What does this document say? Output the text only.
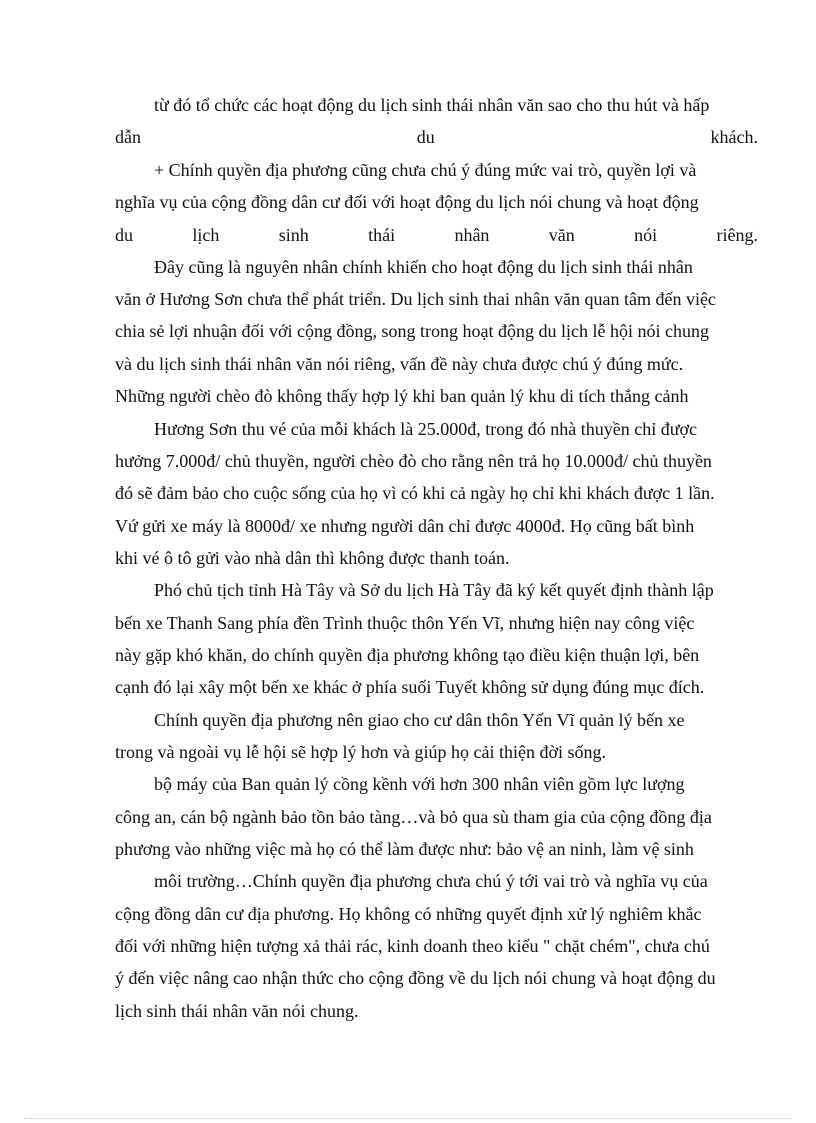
từ đó tổ chức các hoạt động du lịch sinh thái nhân văn sao cho thu hút và hấp

dẫn du khách.

+ Chính quyền địa phương cũng chưa chú ý đúng mức vai trò, quyền lợi và

nghĩa vụ của cộng đồng dân cư đối với hoạt động du lịch nói chung và hoạt động

du lịch sinh thái nhân văn nói riêng.

Đây cũng là nguyên nhân chính khiến cho hoạt động du lịch sinh thái nhân

văn ở Hương Sơn chưa thể phát triển. Du lịch sinh thai nhân văn quan tâm đến việc

chia sẻ lợi nhuận đối với cộng đồng, song trong hoạt động du lịch lễ hội nói chung

và du lịch sinh thái nhân văn nói riêng, vấn đề này chưa được chú ý đúng mức.

Những người chèo đò không thấy hợp lý khi ban quản lý khu di tích thắng cảnh

Hương Sơn thu vé của mỗi khách là 25.000đ, trong đó nhà thuyền chỉ được

hưởng 7.000đ/ chủ thuyền, người chèo đò cho rằng nên trả họ 10.000đ/ chủ thuyền

đó sẽ đảm bảo cho cuộc sống của họ vì có khi cả ngày họ chỉ khi khách được 1 lần.

Vứ gửi xe máy là 8000đ/ xe nhưng người dân chỉ được 4000đ. Họ cũng bất bình

khi vé ô tô gửi vào nhà dân thì không được thanh toán.

Phó chủ tịch tỉnh Hà Tây và Sở du lịch Hà Tây đã ký kết quyết định thành lập

bến xe Thanh Sang phía đền Trình thuộc thôn Yến Vĩ, nhưng hiện nay công việc

này gặp khó khăn, do chính quyền địa phương không tạo điều kiện thuận lợi, bên

cạnh đó lại xây một bến xe khác ở phía suối Tuyết không sử dụng đúng mục đích.

Chính quyền địa phương nên giao cho cư dân thôn Yến Vĩ quản lý bến xe

trong và ngoài vụ lễ hội sẽ hợp lý hơn và giúp họ cải thiện đời sống.

bộ máy của Ban quản lý cồng kềnh với hơn 300 nhân viên gồm lực lượng

công an, cán bộ ngành bảo tồn bảo tàng…và bỏ qua sù tham gia của cộng đồng địa

phương vào những việc mà họ có thể làm được như: bảo vệ an ninh, làm vệ sinh

môi trường…Chính quyền địa phương chưa chú ý tới vai trò và nghĩa vụ của

cộng đồng dân cư địa phương. Họ không có những quyết định xử lý nghiêm khắc

đối với những hiện tượng xả thải rác, kinh doanh theo kiểu " chặt chém", chưa chú

ý đến việc nâng cao nhận thức cho cộng đồng về du lịch nói chung và hoạt động du

lịch sinh thái nhân văn nói chung.
